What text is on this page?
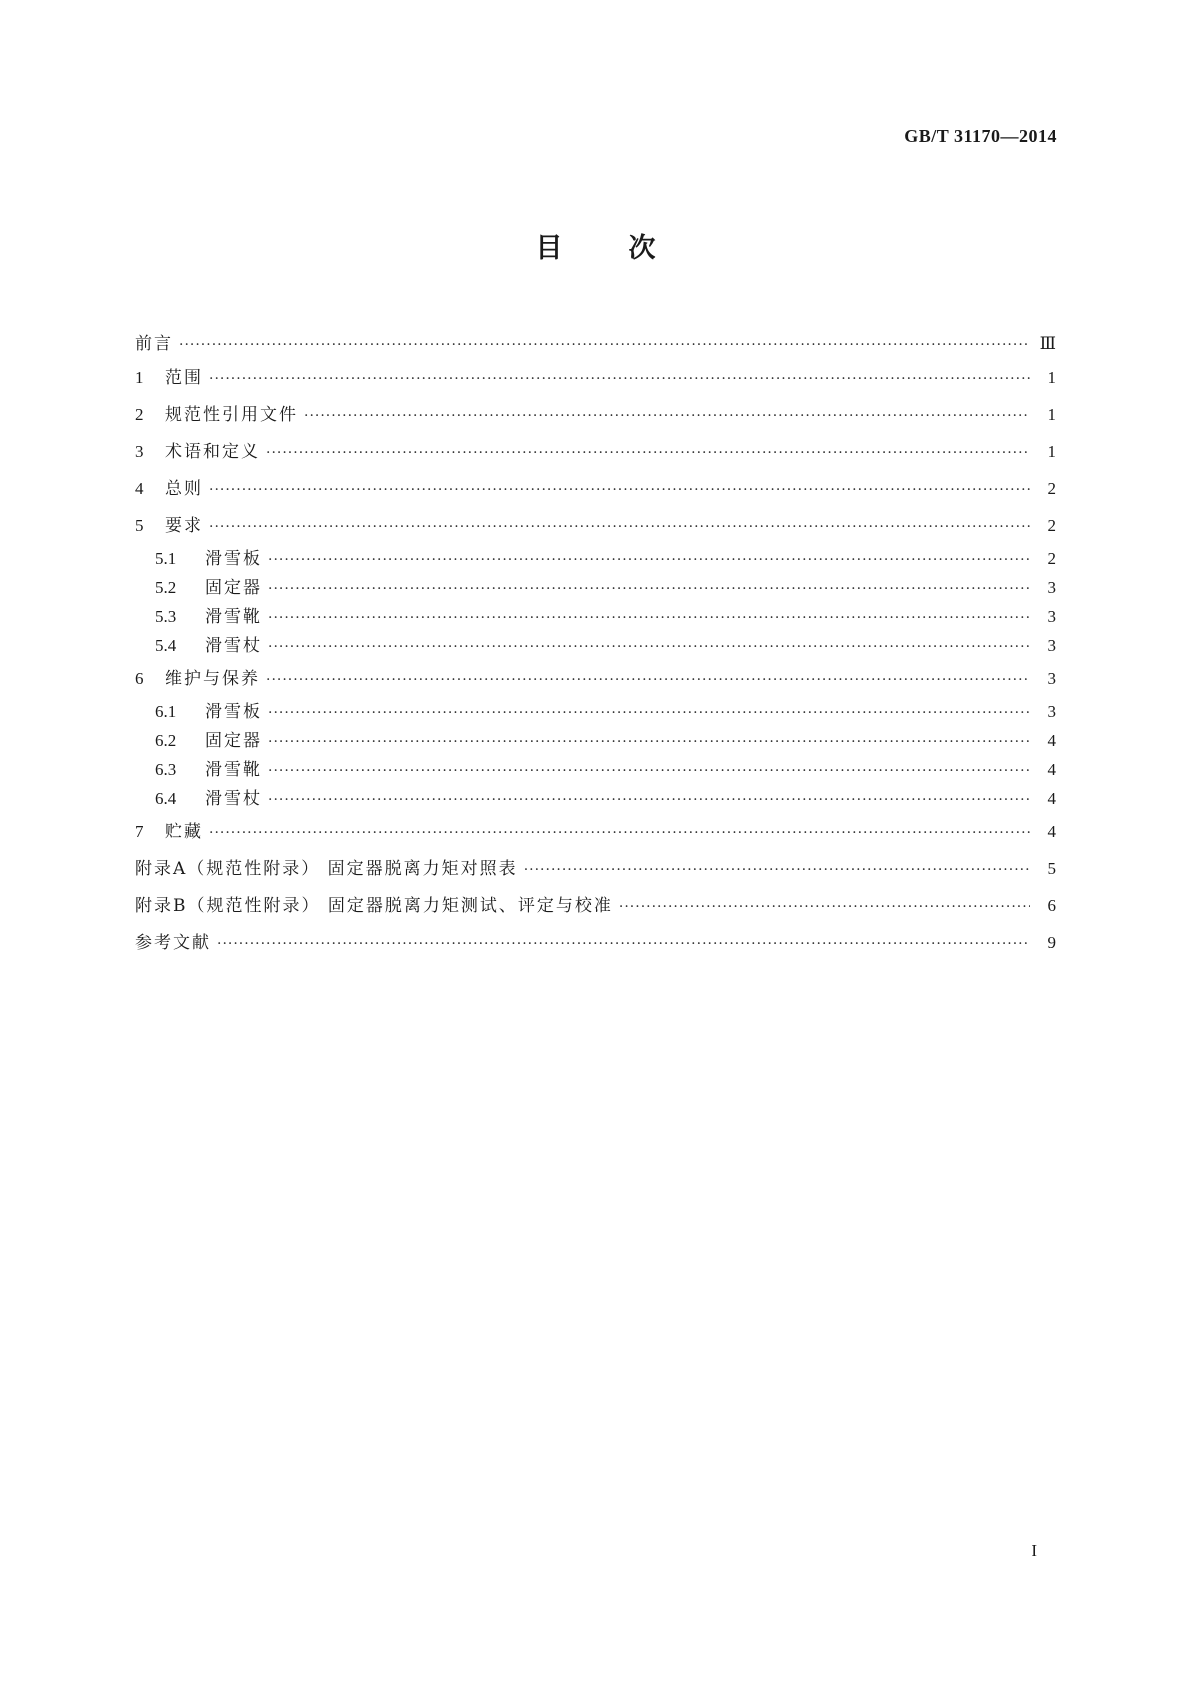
GB/T 31170—2014
目次
前言 ·····	Ⅲ
1	范围 ·····	1
2	规范性引用文件 ·····	1
3	术语和定义 ·····	1
4	总则 ·····	2
5	要求 ·····	2
5.1	滑雪板 ·····	2
5.2	固定器 ·····	3
5.3	滑雪靴 ·····	3
5.4	滑雪杖 ·····	3
6	维护与保养 ·····	3
6.1	滑雪板 ·····	3
6.2	固定器 ·····	4
6.3	滑雪靴 ·····	4
6.4	滑雪杖 ·····	4
7	贮藏 ·····	4
附录A（规范性附录） 固定器脱离力矩对照表 ·····	5
附录B（规范性附录） 固定器脱离力矩测试、评定与校准 ·····	6
参考文献 ·····	9
I
